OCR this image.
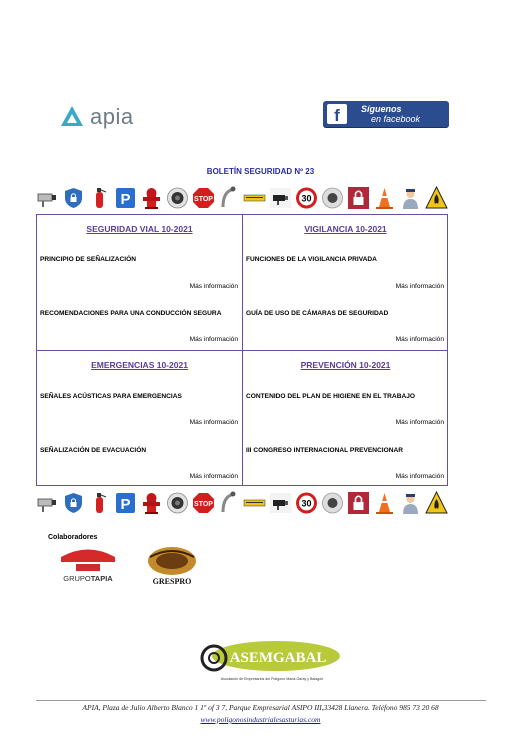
apia	f	Síguenos
en facebook
BOLETÍN SEGURIDAD Nº 23
P	STOP	30
SEGURIDAD VIAL 10-2021
PRINCIPIO DE SEÑALIZACIÓN
Más información
RECOMENDACIONES PARA UNA CONDUCCIÓN SEGURA
Más información
VIGILANCIA 10-2021
FUNCIONES DE LA VIGILANCIA PRIVADA
Más información
GUÍA DE USO DE CÁMARAS DE SEGURIDAD
Más información
EMERGENCIAS 10-2021
SEÑALES ACÚSTICAS PARA EMERGENCIAS
Más información
SEÑALIZACIÓN DE EVACUACIÓN
Más información
PREVENCIÓN 10-2021
CONTENIDO DEL PLAN DE HIGIENE EN EL TRABAJO
Más información
III CONGRESO INTERNACIONAL PREVENCIONAR
Más información
P	STOP	30
Colaboradores
GRUPOTAPIA	GRESPRO
ASEMGABAL
Asociación de Empresarios del Polígono Maria-Garay y Balagón
APIA, Plaza de Julio Alberto Blanco 1 1º of 3 7, Parque Empresarial ASIPO III,33428 Llanera. Teléfono 985 73 20 68
www.poligonosindustrialesasturias.com
